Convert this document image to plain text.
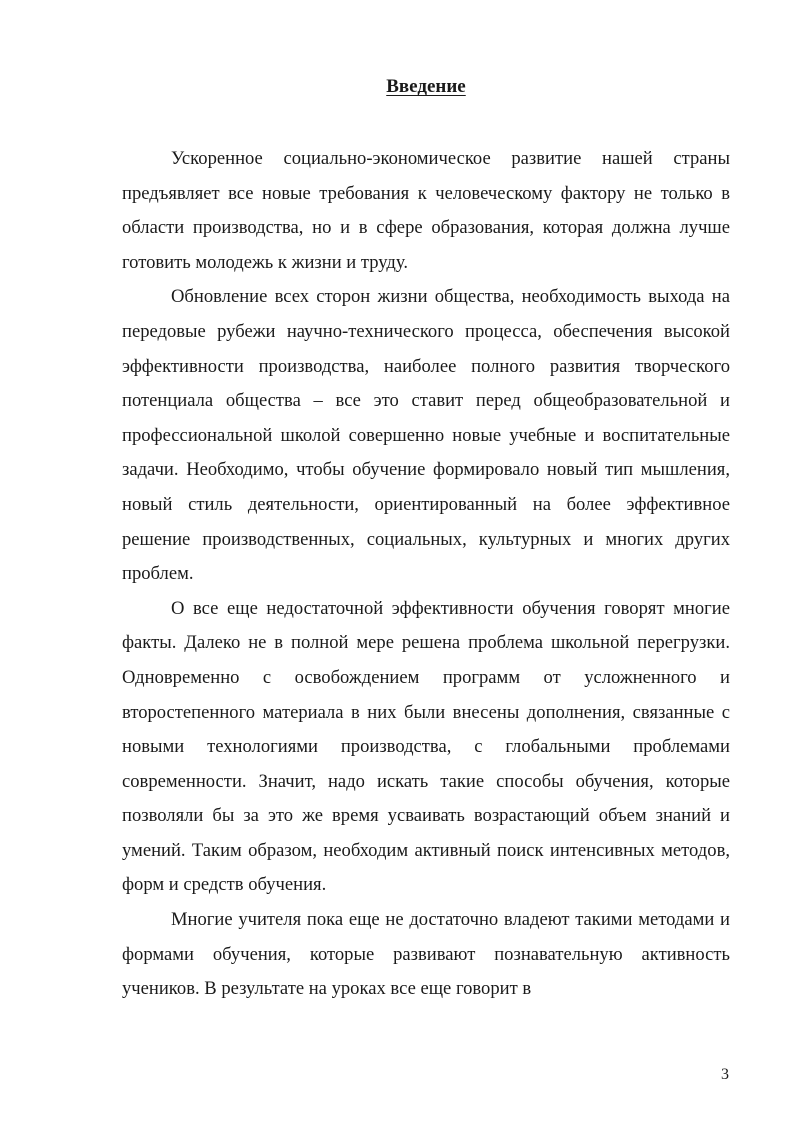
Введение

Ускоренное социально-экономическое развитие нашей страны предъявляет все новые требования к человеческому фактору не только в области производства, но и в сфере образования, которая должна лучше готовить молодежь к жизни и труду.

Обновление всех сторон жизни общества, необходимость выхода на передовые рубежи научно-технического процесса, обеспечения высокой эффективности производства, наиболее полного развития творческого потенциала общества – все это ставит перед общеобразовательной и профессиональной школой совершенно новые учебные и воспитательные задачи. Необходимо, чтобы обучение формировало новый тип мышления, новый стиль деятельности, ориентированный на более эффективное решение производственных, социальных, культурных и многих других проблем.

О все еще недостаточной эффективности обучения говорят многие факты. Далеко не в полной мере решена проблема школьной перегрузки. Одновременно с освобождением программ от усложненного и второстепенного материала в них были внесены дополнения, связанные с новыми технологиями производства, с глобальными проблемами современности. Значит, надо искать такие способы обучения, которые позволяли бы за это же время усваивать возрастающий объем знаний и умений. Таким образом, необходим активный поиск интенсивных методов, форм и средств обучения.

Многие учителя пока еще не достаточно владеют такими методами и формами обучения, которые развивают познавательную активность учеников. В результате на уроках все еще говорит в

3
